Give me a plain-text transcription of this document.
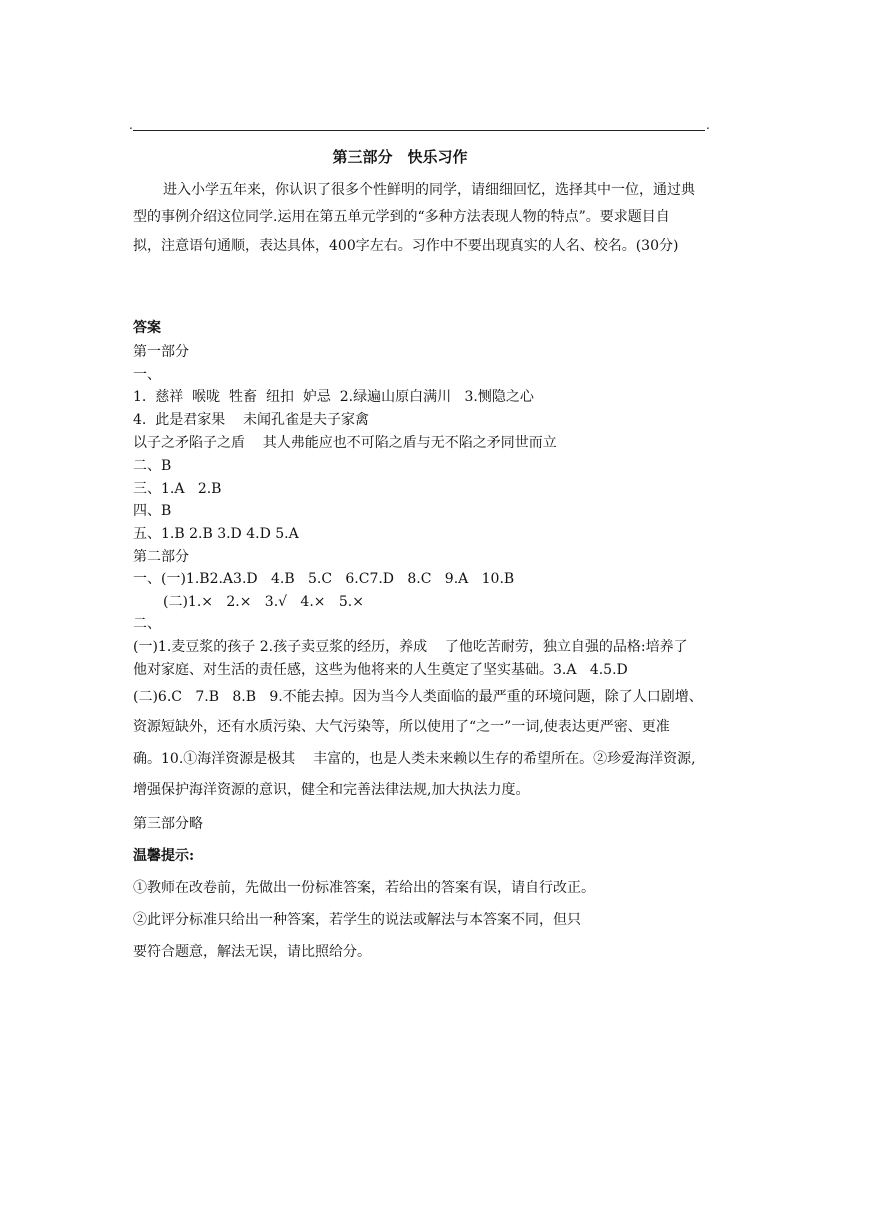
.	.
第三部分　快乐习作
进入小学五年来，你认识了很多个性鲜明的同学，请细细回忆，选择其中一位，通过典
型的事例介绍这位同学.运用在第五单元学到的“多种方法表现人物的特点”。要求题目自
拟，注意语句通顺，表达具体，400字左右。习作中不要出现真实的人名、校名。(30分)
答案
第一部分
一、
1.  慈祥  喉咙  牲畜  纽扣  妒忌  2.绿遍山原白满川   3.恻隐之心
4.  此是君家果    未闻孔雀是夫子家禽
以子之矛陷子之盾    其人弗能应也不可陷之盾与无不陷之矛同世而立
二、B
三、1.A   2.B
四、B
五、1.B 2.B 3.D 4.D 5.A
第二部分
一、(一)1.B2.A3.D   4.B   5.C   6.C7.D   8.C   9.A   10.B
(二)1.×   2.×   3.√   4.×   5.×
二、
(一)1.麦豆浆的孩子 2.孩子卖豆浆的经历，养成    了他吃苦耐劳，独立自强的品格:培养了
他对家庭、对生活的责任感，这些为他将来的人生奠定了坚实基础。3.A   4.5.D
(二)6.C   7.B   8.B   9.不能去掉。因为当今人类面临的最严重的环境问题，除了人口剧增、
资源短缺外，还有水质污染、大气污染等，所以使用了“之一”一词,使表达更严密、更准
确。10.①海洋资源是极其    丰富的，也是人类未来赖以生存的希望所在。②珍爱海洋资源,
增强保护海洋资源的意识，健全和完善法律法规,加大执法力度。
第三部分略
温馨提示:
①教师在改卷前，先做出一份标准答案，若给出的答案有误，请自行改正。
②此评分标准只给出一种答案，若学生的说法或解法与本答案不同，但只
要符合题意，解法无误，请比照给分。
